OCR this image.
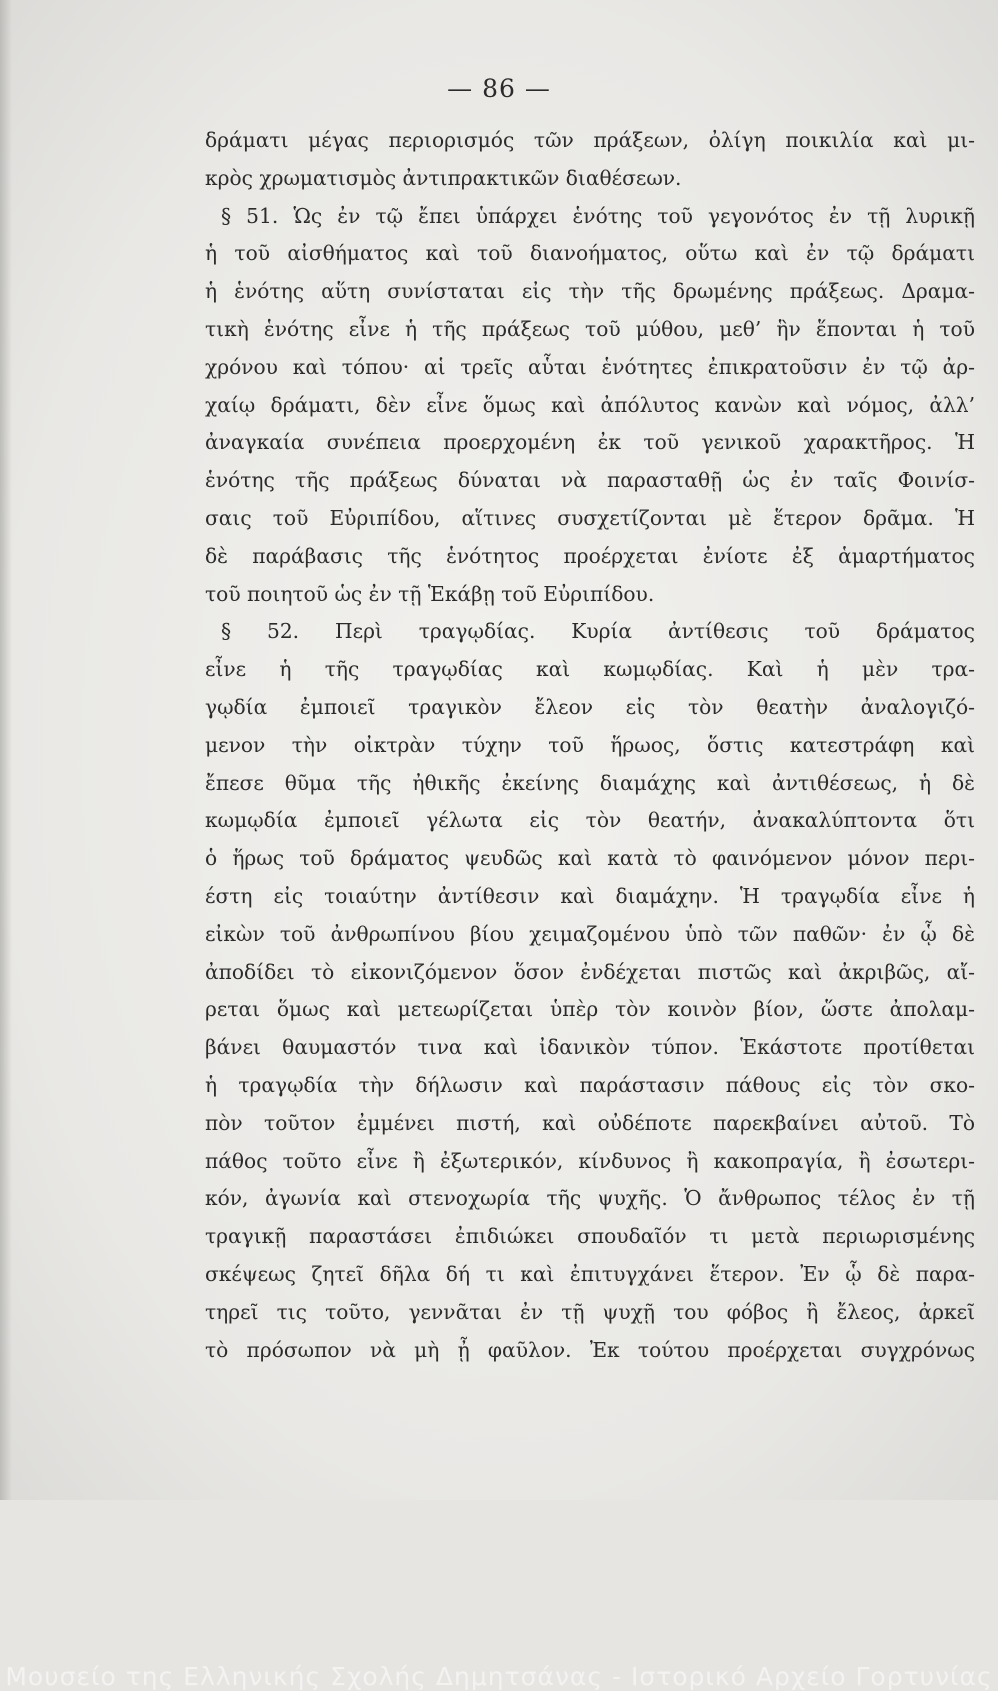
— 86 —
δράματι μέγας περιορισμός τῶν πράξεων, ὀλίγη ποικιλία καὶ μι-
κρὸς χρωματισμὸς ἀντιπρακτικῶν διαθέσεων.
§ 51. Ὡς ἐν τῷ ἔπει ὑπάρχει ἑνότης τοῦ γεγονότος ἐν τῇ λυρικῇ
ἡ τοῦ αἰσθήματος καὶ τοῦ διανοήματος, οὕτω καὶ ἐν τῷ δράματι
ἡ ἑνότης αὕτη συνίσταται εἰς τὴν τῆς δρωμένης πράξεως. Δραμα-
τικὴ ἑνότης εἶνε ἡ τῆς πράξεως τοῦ μύθου, μεθ’ ἣν ἕπονται ἡ τοῦ
χρόνου καὶ τόπου· αἱ τρεῖς αὗται ἑνότητες ἐπικρατοῦσιν ἐν τῷ ἀρ-
χαίῳ δράματι, δὲν εἶνε ὅμως καὶ ἀπόλυτος κανὼν καὶ νόμος, ἀλλ’
ἀναγκαία συνέπεια προερχομένη ἐκ τοῦ γενικοῦ χαρακτῆρος. Ἡ
ἑνότης τῆς πράξεως δύναται νὰ παρασταθῇ ὡς ἐν ταῖς Φοινίσ-
σαις τοῦ Εὐριπίδου, αἵτινες συσχετίζονται μὲ ἕτερον δρᾶμα. Ἡ
δὲ παράβασις τῆς ἑνότητος προέρχεται ἐνίοτε ἐξ ἁμαρτήματος
τοῦ ποιητοῦ ὡς ἐν τῇ Ἑκάβῃ τοῦ Εὐριπίδου.
§ 52. Περὶ τραγῳδίας. Κυρία ἀντίθεσις τοῦ δράματος
εἶνε ἡ τῆς τραγῳδίας καὶ κωμῳδίας. Καὶ ἡ μὲν τρα-
γῳδία ἐμποιεῖ τραγικὸν ἔλεον εἰς τὸν θεατὴν ἀναλογιζό-
μενον τὴν οἰκτρὰν τύχην τοῦ ἥρωος, ὅστις κατεστράφη καὶ
ἔπεσε θῦμα τῆς ἠθικῆς ἐκείνης διαμάχης καὶ ἀντιθέσεως, ἡ δὲ
κωμῳδία ἐμποιεῖ γέλωτα εἰς τὸν θεατήν, ἀνακαλύπτοντα ὅτι
ὁ ἥρως τοῦ δράματος ψευδῶς καὶ κατὰ τὸ φαινόμενον μόνον περι-
έστη εἰς τοιαύτην ἀντίθεσιν καὶ διαμάχην. Ἡ τραγῳδία εἶνε ἡ
εἰκὼν τοῦ ἀνθρωπίνου βίου χειμαζομένου ὑπὸ τῶν παθῶν· ἐν ᾧ δὲ
ἀποδίδει τὸ εἰκονιζόμενον ὅσον ἐνδέχεται πιστῶς καὶ ἀκριβῶς, αἴ-
ρεται ὅμως καὶ μετεωρίζεται ὑπὲρ τὸν κοινὸν βίον, ὥστε ἀπολαμ-
βάνει θαυμαστόν τινα καὶ ἰδανικὸν τύπον. Ἑκάστοτε προτίθεται
ἡ τραγῳδία τὴν δήλωσιν καὶ παράστασιν πάθους εἰς τὸν σκο-
πὸν τοῦτον ἐμμένει πιστή, καὶ οὐδέποτε παρεκβαίνει αὐτοῦ. Τὸ
πάθος τοῦτο εἶνε ἢ ἐξωτερικόν, κίνδυνος ἢ κακοπραγία, ἢ ἐσωτερι-
κόν, ἀγωνία καὶ στενοχωρία τῆς ψυχῆς. Ὁ ἄνθρωπος τέλος ἐν τῇ
τραγικῇ παραστάσει ἐπιδιώκει σπουδαῖόν τι μετὰ περιωρισμένης
σκέψεως ζητεῖ δῆλα δή τι καὶ ἐπιτυγχάνει ἕτερον. Ἐν ᾧ δὲ παρα-
τηρεῖ τις τοῦτο, γεννᾶται ἐν τῇ ψυχῇ του φόβος ἢ ἔλεος, ἀρκεῖ
τὸ πρόσωπον νὰ μὴ ᾖ φαῦλον. Ἐκ τούτου προέρχεται συγχρόνως
Μουσείο της Ελληνικής Σχολής Δημητσάνας - Ιστορικό Αρχείο Γορτυνίας
